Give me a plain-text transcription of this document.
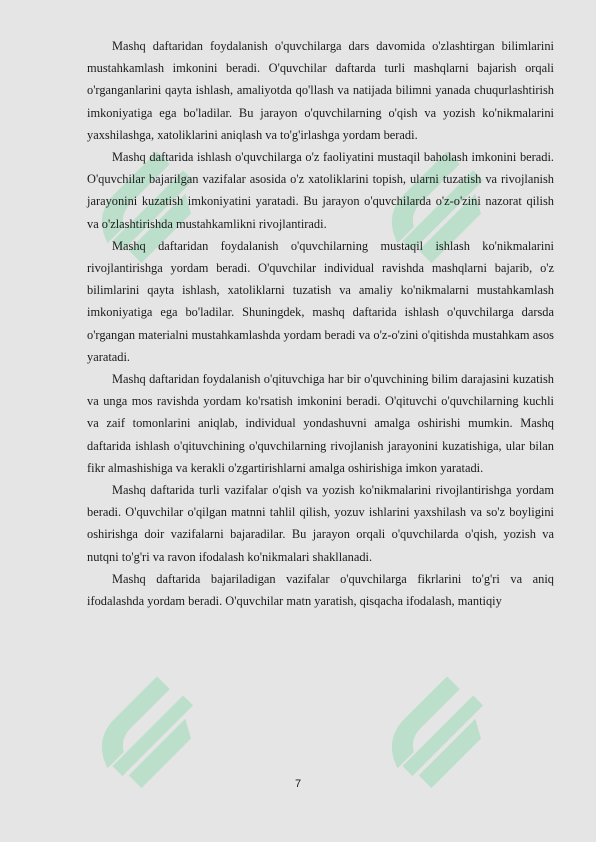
Mashq daftaridan foydalanish o'quvchilarga dars davomida o'zlashtirgan bilimlarini mustahkamlash imkonini beradi. O'quvchilar daftarda turli mashqlarni bajarish orqali o'rganganlarini qayta ishlash, amaliyotda qo'llash va natijada bilimni yanada chuqurlashtirish imkoniyatiga ega bo'ladilar. Bu jarayon o'quvchilarning o'qish va yozish ko'nikmalarini yaxshilashga, xatoliklarini aniqlash va to'g'irlashga yordam beradi.

Mashq daftarida ishlash o'quvchilarga o'z faoliyatini mustaqil baholash imkonini beradi. O'quvchilar bajarilgan vazifalar asosida o'z xatoliklarini topish, ularni tuzatish va rivojlanish jarayonini kuzatish imkoniyatini yaratadi. Bu jarayon o'quvchilarda o'z-o'zini nazorat qilish va o'zlashtirishda mustahkamlikni rivojlantiradi.

Mashq daftaridan foydalanish o'quvchilarning mustaqil ishlash ko'nikmalarini rivojlantirishga yordam beradi. O'quvchilar individual ravishda mashqlarni bajarib, o'z bilimlarini qayta ishlash, xatoliklarni tuzatish va amaliy ko'nikmalarni mustahkamlash imkoniyatiga ega bo'ladilar. Shuningdek, mashq daftarida ishlash o'quvchilarga darsda o'rgangan materialni mustahkamlashda yordam beradi va o'z-o'zini o'qitishda mustahkam asos yaratadi.

Mashq daftaridan foydalanish o'qituvchiga har bir o'quvchining bilim darajasini kuzatish va unga mos ravishda yordam ko'rsatish imkonini beradi. O'qituvchi o'quvchilarning kuchli va zaif tomonlarini aniqlab, individual yondashuvni amalga oshirishi mumkin. Mashq daftarida ishlash o'qituvchining o'quvchilarning rivojlanish jarayonini kuzatishiga, ular bilan fikr almashishiga va kerakli o'zgartirishlarni amalga oshirishiga imkon yaratadi.

Mashq daftarida turli vazifalar o'qish va yozish ko'nikmalarini rivojlantirishga yordam beradi. O'quvchilar o'qilgan matnni tahlil qilish, yozuv ishlarini yaxshilash va so'z boyligini oshirishga doir vazifalarni bajaradilar. Bu jarayon orqali o'quvchilarda o'qish, yozish va nutqni to'g'ri va ravon ifodalash ko'nikmalari shakllanadi.

Mashq daftarida bajariladigan vazifalar o'quvchilarga fikrlarini to'g'ri va aniq ifodalashda yordam beradi. O'quvchilar matn yaratish, qisqacha ifodalash, mantiqiy

7
